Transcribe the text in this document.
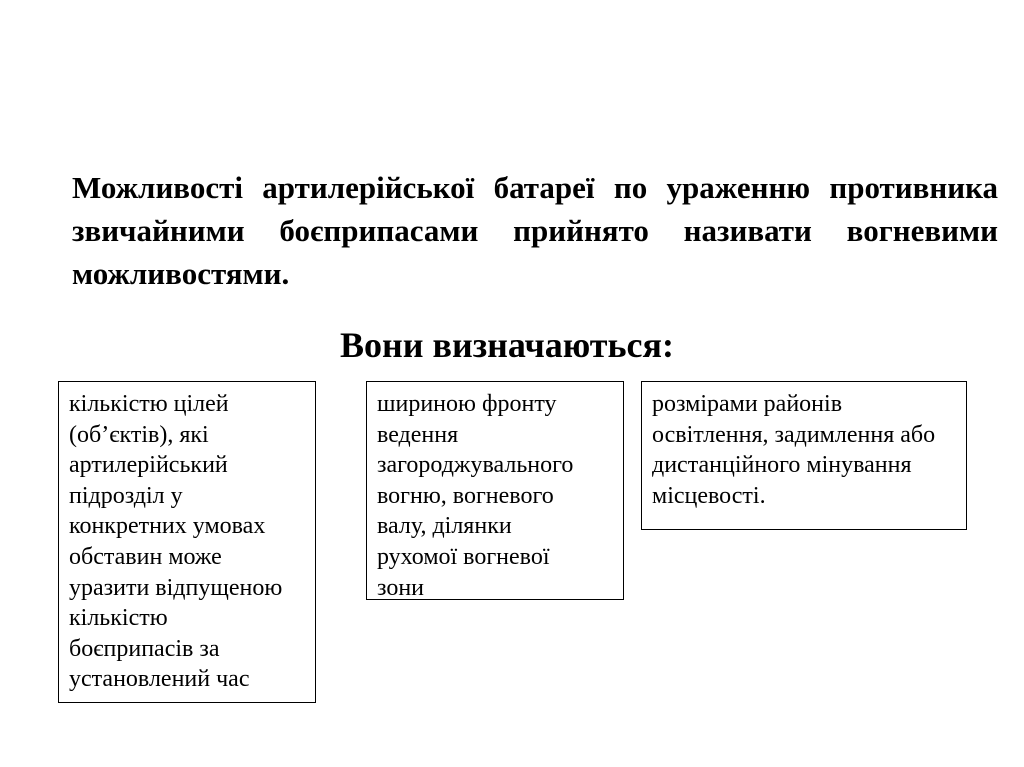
Можливості артилерійської батареї по ураженню противника звичайними боєприпасами прийнято називати вогневими можливостями.

Вони визначаються:
кількістю цілей
(об’єктів), які
артилерійський
підрозділ у
конкретних умовах
обставин може
уразити відпущеною
кількістю
боєприпасів за
установлений час
шириною фронту
ведення
загороджувального
вогню, вогневого
валу, ділянки
рухомої вогневої
зони
розмірами районів
освітлення, задимлення або
дистанційного мінування
місцевості.
